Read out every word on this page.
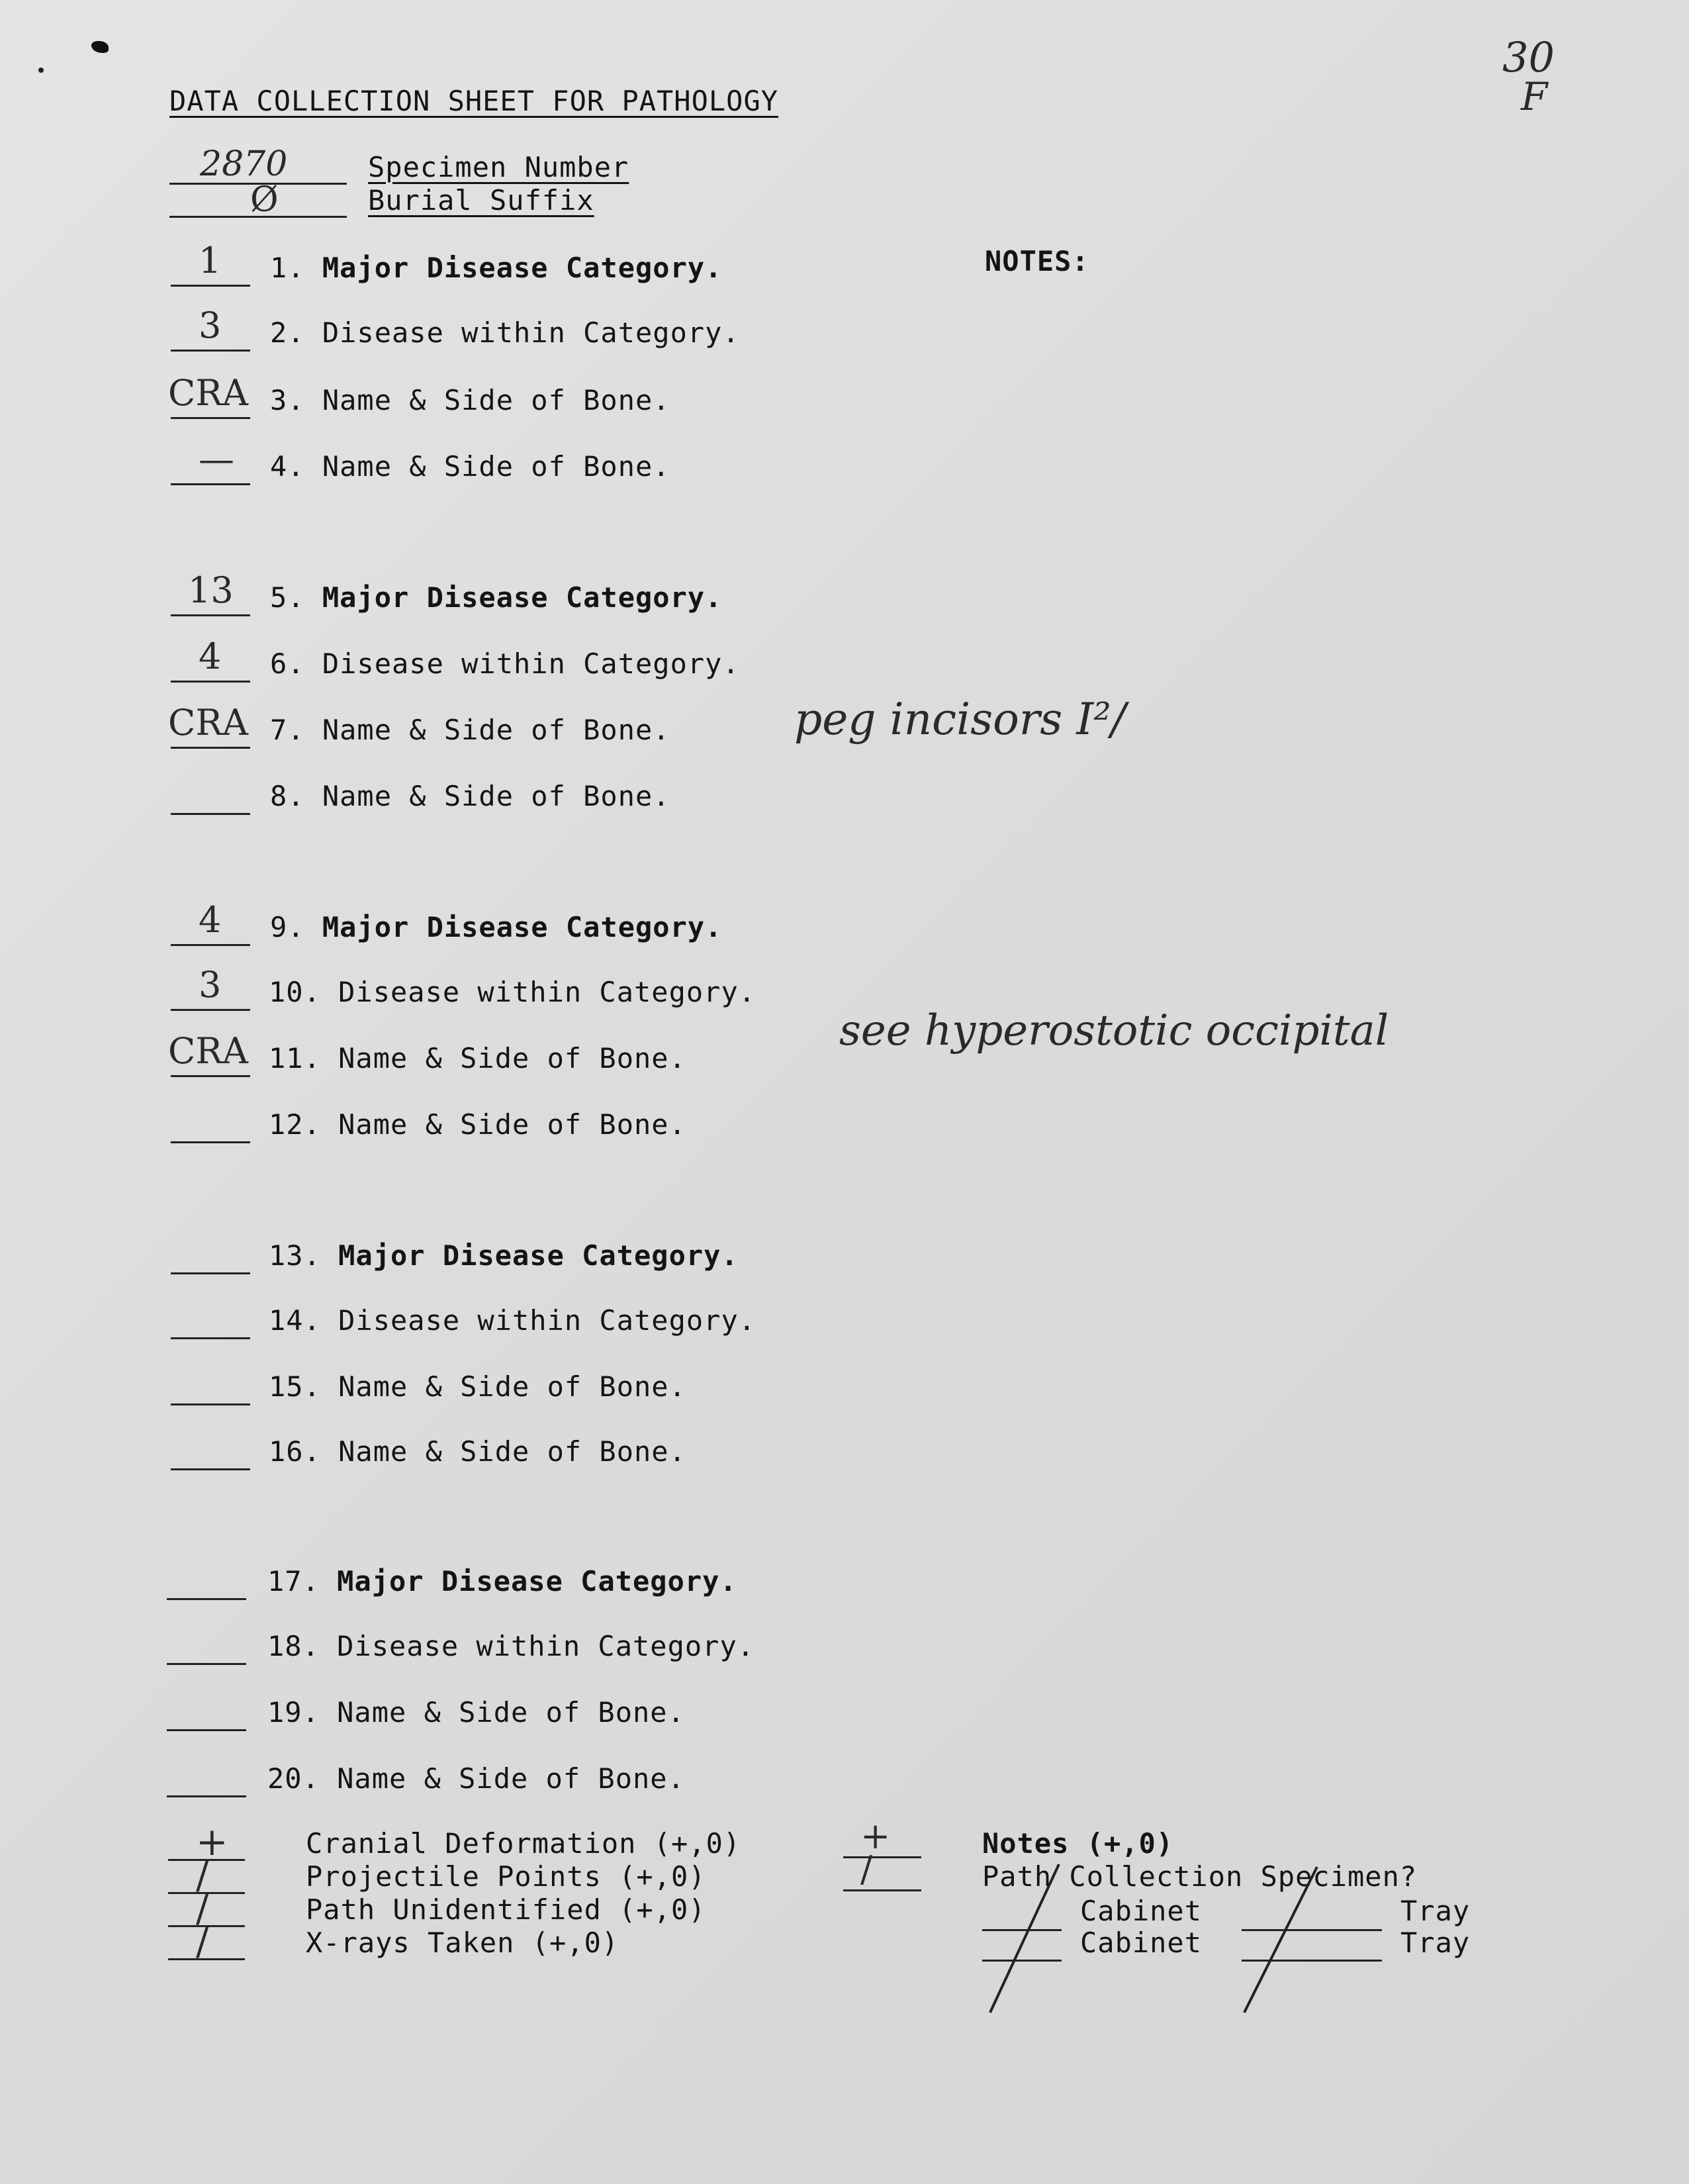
30
F
DATA COLLECTION SHEET FOR PATHOLOGY
2870	Specimen Number
Ø	Burial Suffix
NOTES:
1 1. Major Disease Category.
3 2. Disease within Category.
CRA 3. Name & Side of Bone.
— 4. Name & Side of Bone.
13 5. Major Disease Category.
4 6. Disease within Category.
CRA 7. Name & Side of Bone.
8. Name & Side of Bone.
4 9. Major Disease Category.
3 10. Disease within Category.
CRA 11. Name & Side of Bone.
12. Name & Side of Bone.
13. Major Disease Category.
14. Disease within Category.
15. Name & Side of Bone.
16. Name & Side of Bone.
17. Major Disease Category.
18. Disease within Category.
19. Name & Side of Bone.
20. Name & Side of Bone.
peg incisors I²/
see hyperostotic occipital
+	Cranial Deformation (+,0)
/	Projectile Points (+,0)
/	Path Unidentified (+,0)
/	X-rays Taken (+,0)
+	Notes (+,0)
/	Path Collection Specimen?
Cabinet	Tray
Cabinet	Tray
